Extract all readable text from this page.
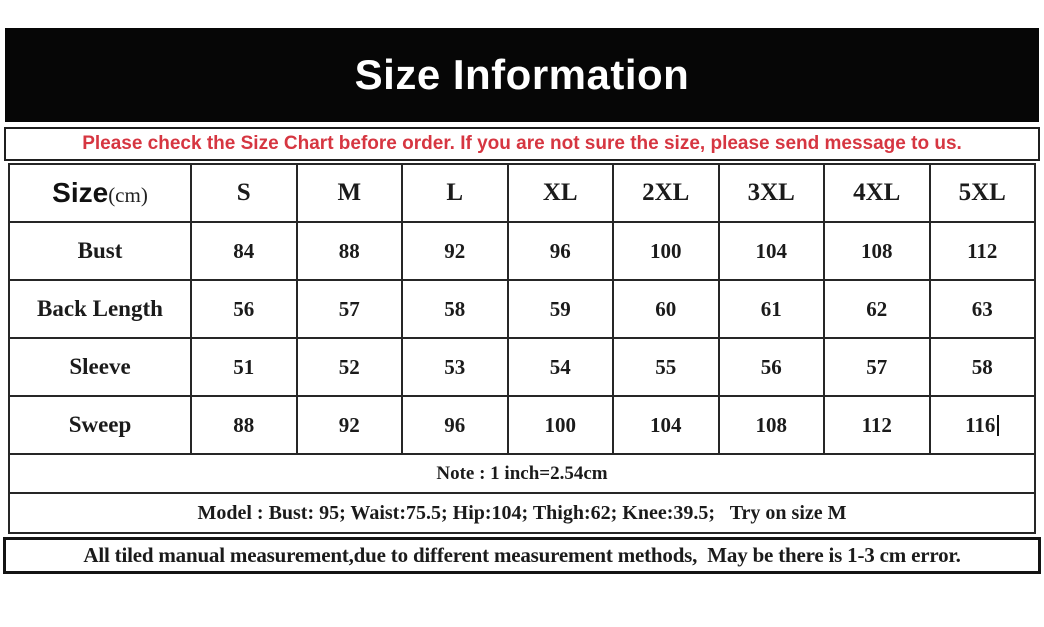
Size Information
Please check the Size Chart before order. If you are not sure the size, please send message to us.
Size(cm)	S	M	L	XL	2XL	3XL	4XL	5XL
Bust	84	88	92	96	100	104	108	112
Back Length	56	57	58	59	60	61	62	63
Sleeve	51	52	53	54	55	56	57	58
Sweep	88	92	96	100	104	108	112	116
Note : 1 inch=2.54cm								
Model : Bust: 95; Waist:75.5; Hip:104; Thigh:62; Knee:39.5;   Try on size M								
All tiled manual measurement,due to different measurement methods,  May be there is 1-3 cm error.
